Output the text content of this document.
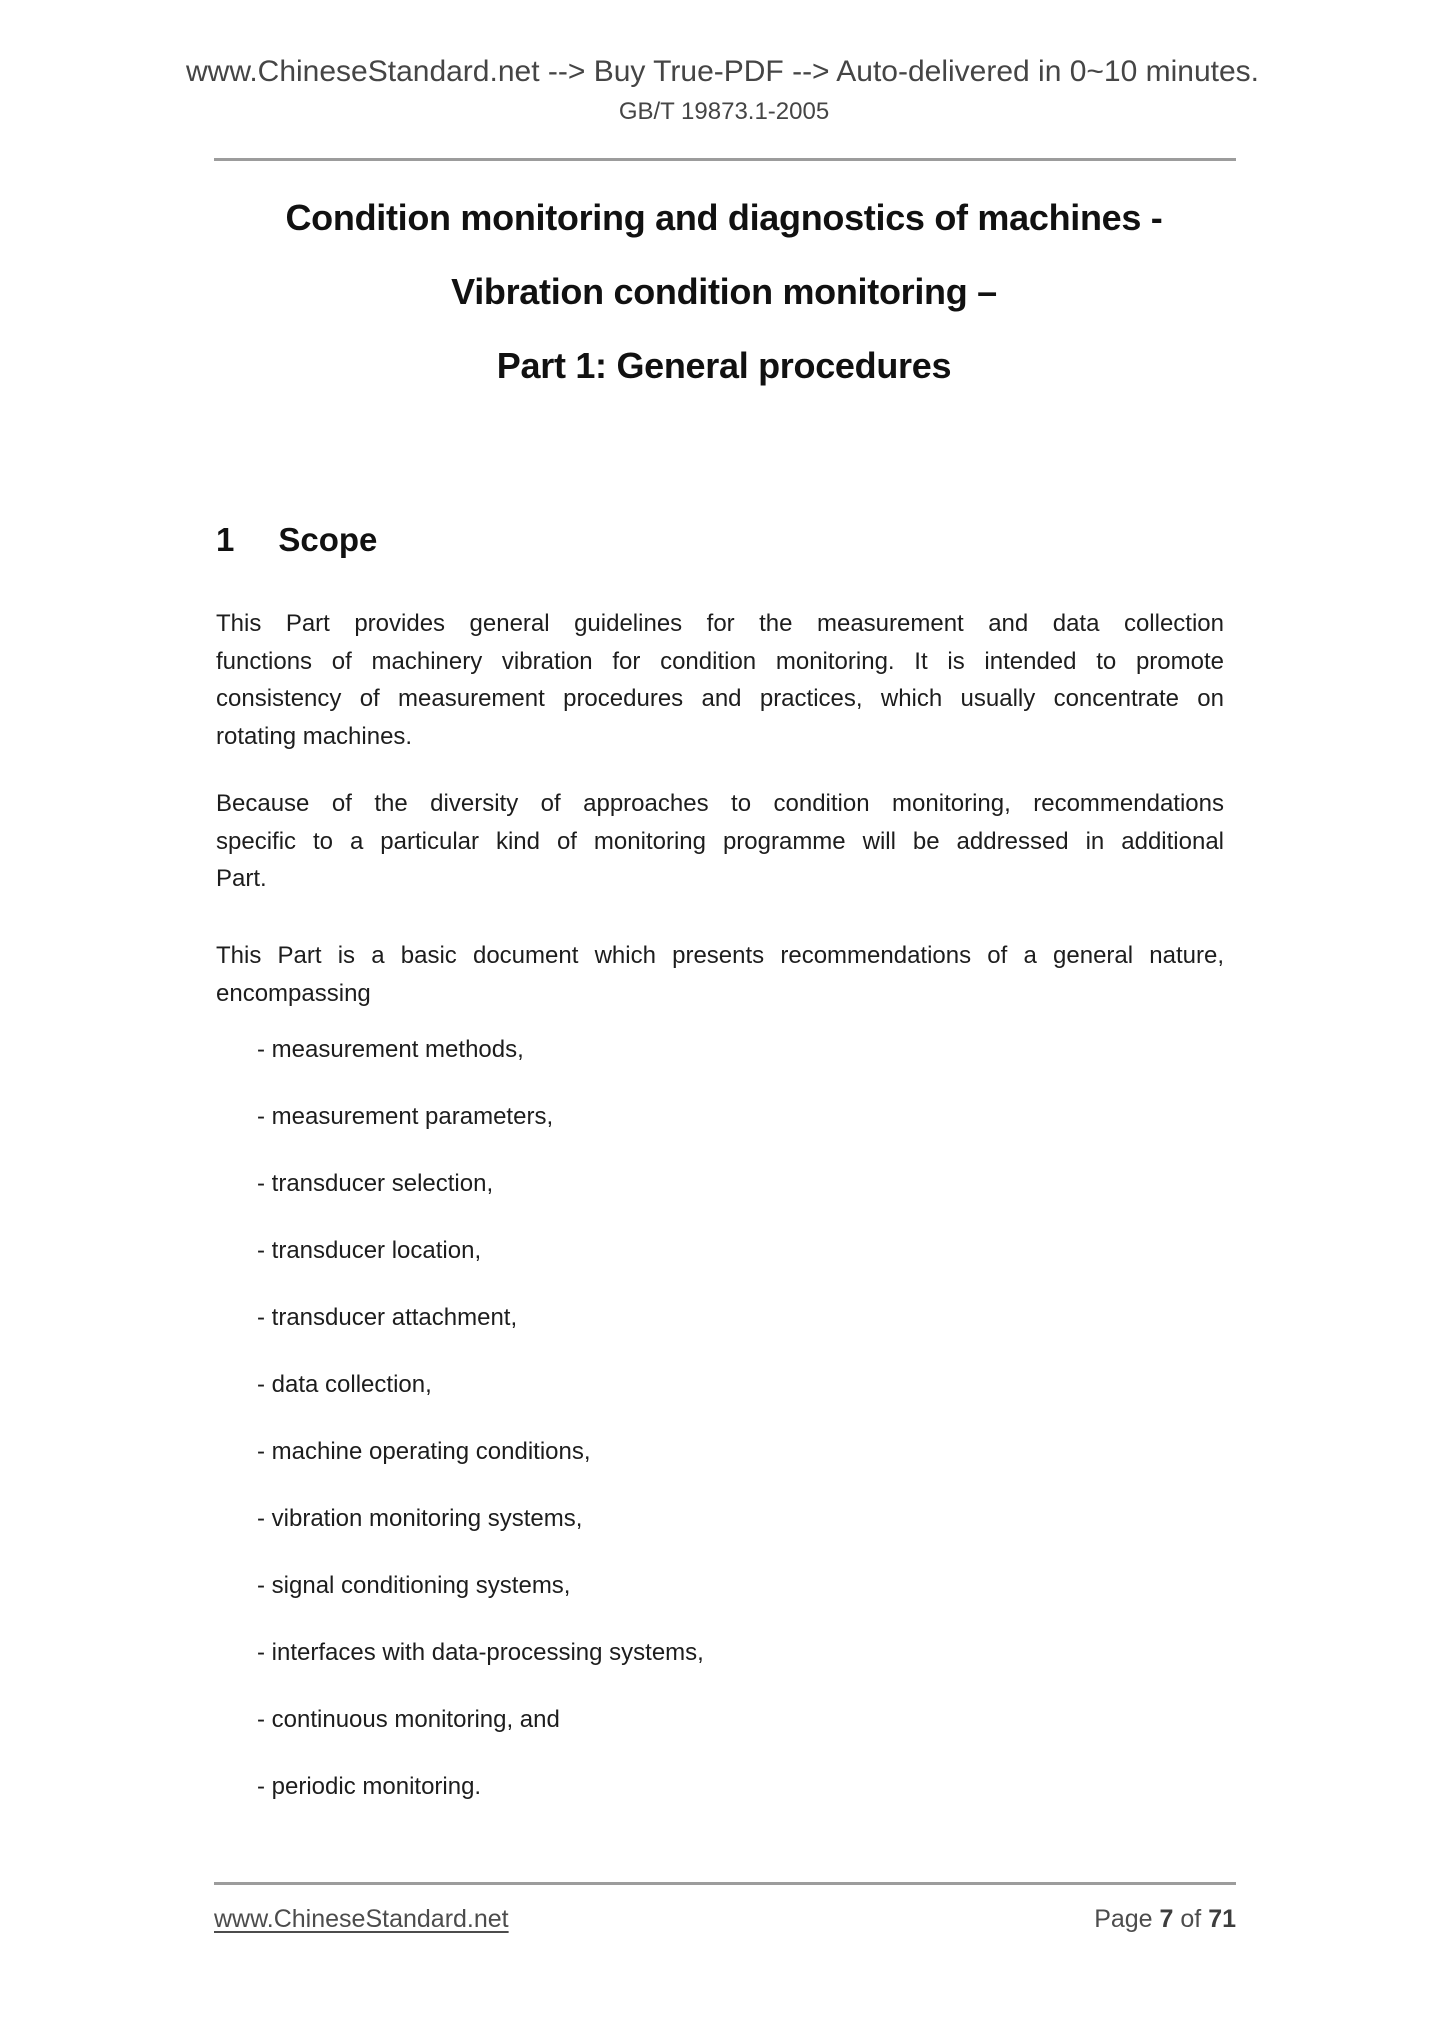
www.ChineseStandard.net --> Buy True-PDF --> Auto-delivered in 0~10 minutes.
GB/T 19873.1-2005
Condition monitoring and diagnostics of machines -
Vibration condition monitoring –
Part 1: General procedures
1 Scope
This Part provides general guidelines for the measurement and data collection
functions of machinery vibration for condition monitoring. It is intended to promote
consistency of measurement procedures and practices, which usually concentrate on
rotating machines.
Because of the diversity of approaches to condition monitoring, recommendations
specific to a particular kind of monitoring programme will be addressed in additional
Part.
This Part is a basic document which presents recommendations of a general nature,
encompassing
- measurement methods,
- measurement parameters,
- transducer selection,
- transducer location,
- transducer attachment,
- data collection,
- machine operating conditions,
- vibration monitoring systems,
- signal conditioning systems,
- interfaces with data-processing systems,
- continuous monitoring, and
- periodic monitoring.
www.ChineseStandard.net	Page 7 of 71
